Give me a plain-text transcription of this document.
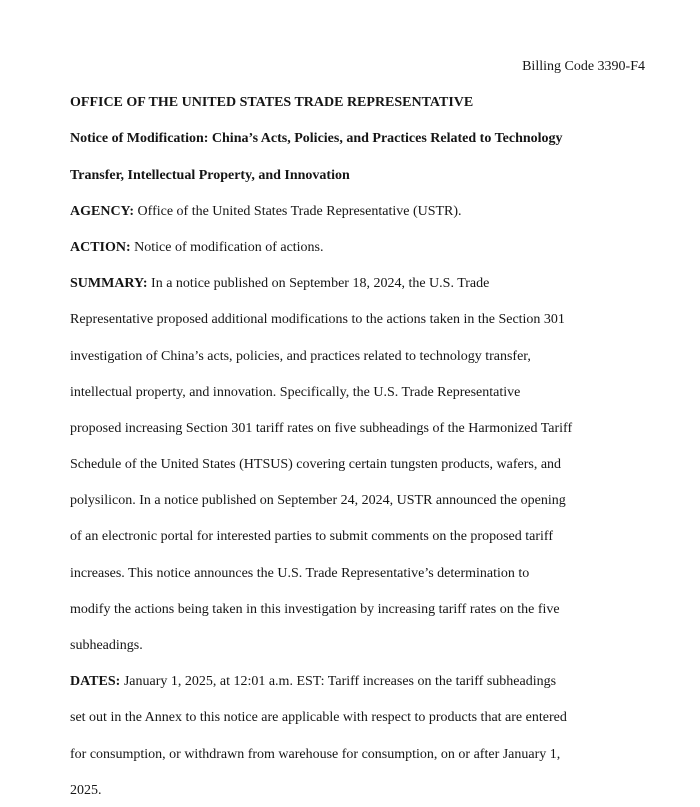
Billing Code 3390-F4
OFFICE OF THE UNITED STATES TRADE REPRESENTATIVE
Notice of Modification: China’s Acts, Policies, and Practices Related to Technology
Transfer, Intellectual Property, and Innovation
AGENCY: Office of the United States Trade Representative (USTR).
ACTION: Notice of modification of actions.
SUMMARY: In a notice published on September 18, 2024, the U.S. Trade
Representative proposed additional modifications to the actions taken in the Section 301
investigation of China’s acts, policies, and practices related to technology transfer,
intellectual property, and innovation. Specifically, the U.S. Trade Representative
proposed increasing Section 301 tariff rates on five subheadings of the Harmonized Tariff
Schedule of the United States (HTSUS) covering certain tungsten products, wafers, and
polysilicon. In a notice published on September 24, 2024, USTR announced the opening
of an electronic portal for interested parties to submit comments on the proposed tariff
increases. This notice announces the U.S. Trade Representative’s determination to
modify the actions being taken in this investigation by increasing tariff rates on the five
subheadings.
DATES: January 1, 2025, at 12:01 a.m. EST: Tariff increases on the tariff subheadings
set out in the Annex to this notice are applicable with respect to products that are entered
for consumption, or withdrawn from warehouse for consumption, on or after January 1,
2025.
